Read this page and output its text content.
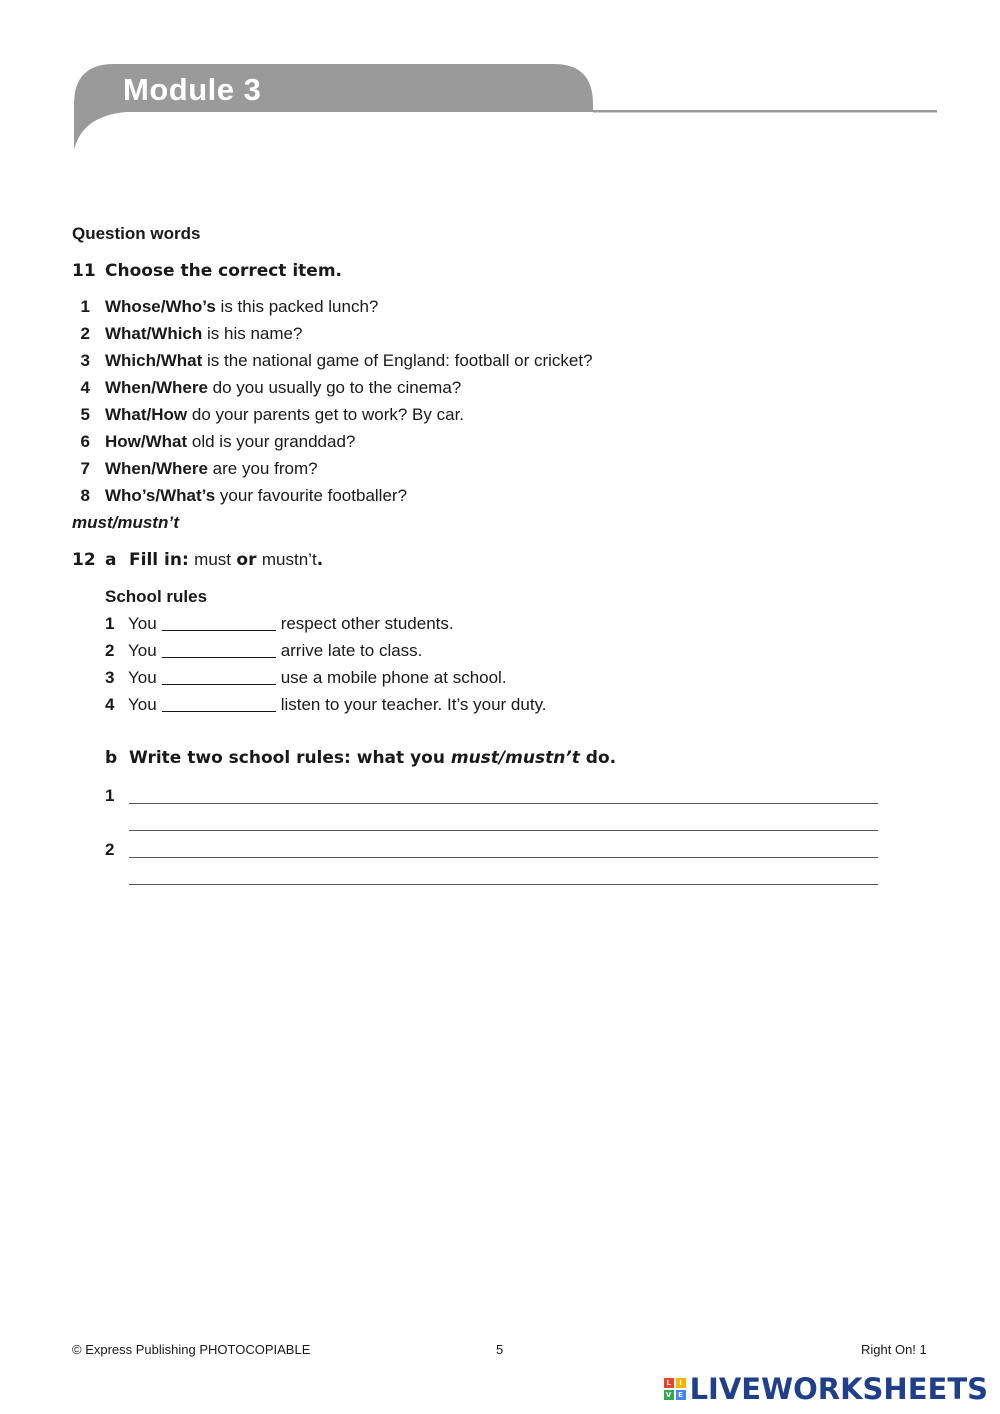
Module 3
Question words
11 Choose the correct item.
1 Whose/Who’s is this packed lunch?
2 What/Which is his name?
3 Which/What is the national game of England: football or cricket?
4 When/Where do you usually go to the cinema?
5 What/How do your parents get to work? By car.
6 How/What old is your granddad?
7 When/Where are you from?
8 Who’s/What’s your favourite footballer?
must/mustn’t
12 a Fill in: must or mustn’t.
School rules
1 You	respect other students.
2 You	arrive late to class.
3 You	use a mobile phone at school.
4 You	listen to your teacher. It’s your duty.
b Write two school rules: what you must/mustn’t do.
1
2
© Express Publishing PHOTOCOPIABLE	5	Right On! 1
L	I
V E LIVEWORKSHEETS
